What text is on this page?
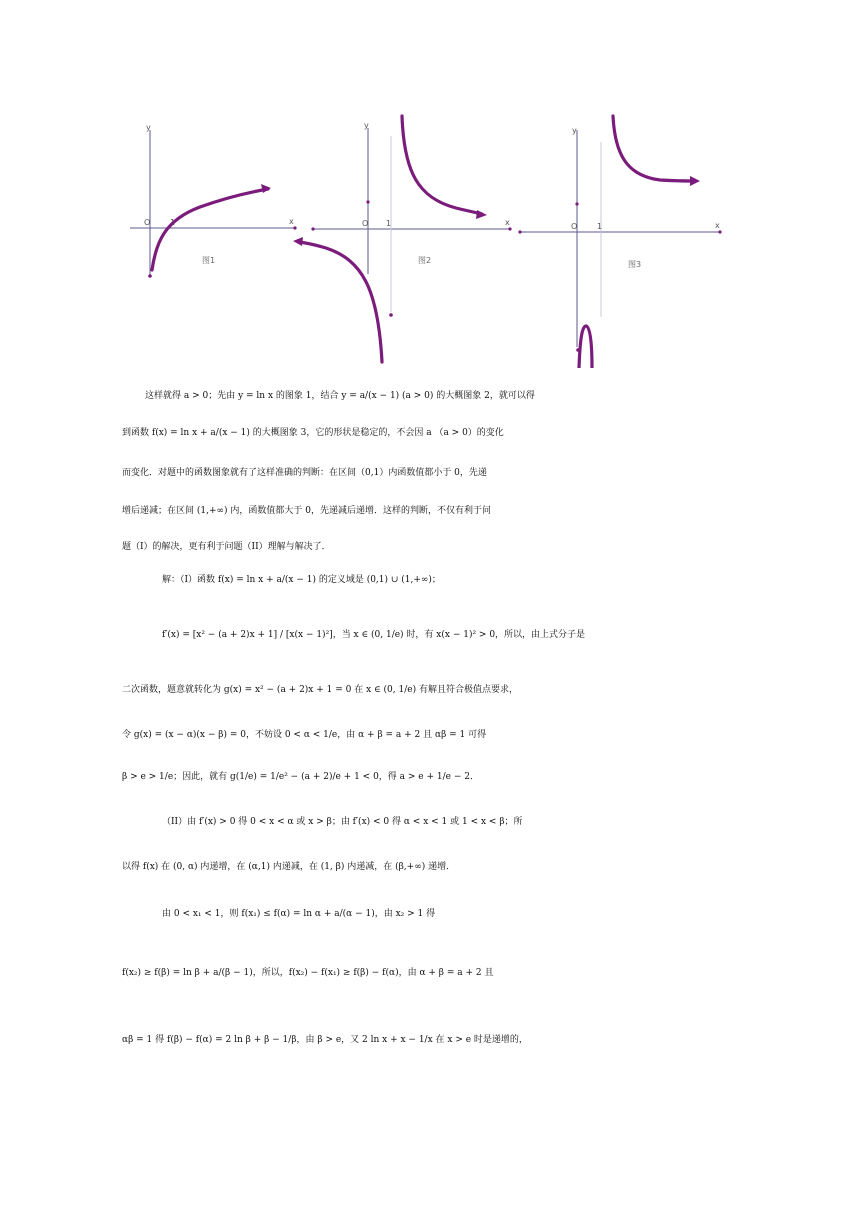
y
x
O 1
图1
y
x
O 1
图2
y
x
O 1
图3

这样就得 a > 0；先由 y = ln x 的图象 1，结合 y = a/(x − 1) (a > 0) 的大概图象 2，就可以得

到函数 f(x) = ln x + a/(x − 1) 的大概图象 3，它的形状是稳定的，不会因 a （a > 0）的变化

而变化．对题中的函数图象就有了这样准确的判断：在区间（0,1）内函数值都小于 0，先递

增后递减；在区间 (1,+∞) 内，函数值都大于 0，先递减后递增．这样的判断，不仅有利于问

题（I）的解决，更有利于问题（II）理解与解决了．

解：（I）函数 f(x) = ln x + a/(x − 1) 的定义域是 (0,1) ∪ (1,+∞)；

f′(x) = [x² − (a + 2)x + 1] / [x(x − 1)²]，当 x ∈ (0, 1/e) 时，有 x(x − 1)² > 0，所以，由上式分子是

二次函数，题意就转化为 g(x) = x² − (a + 2)x + 1 = 0 在 x ∈ (0, 1/e) 有解且符合极值点要求，

令 g(x) = (x − α)(x − β) = 0，不妨设 0 < α < 1/e，由 α + β = a + 2 且 αβ = 1 可得

β > e > 1/e；因此，就有 g(1/e) = 1/e² − (a + 2)/e + 1 < 0，得 a > e + 1/e − 2．

（II）由 f′(x) > 0 得 0 < x < α 或 x > β；由 f′(x) < 0 得 α < x < 1 或 1 < x < β；所

以得 f(x) 在 (0, α) 内递增，在 (α,1) 内递减，在 (1, β) 内递减，在 (β,+∞) 递增．

由 0 < x₁ < 1，则 f(x₁) ≤ f(α) = ln α + a/(α − 1)，由 x₂ > 1 得

f(x₂) ≥ f(β) = ln β + a/(β − 1)，所以，f(x₂) − f(x₁) ≥ f(β) − f(α)，由 α + β = a + 2 且

αβ = 1 得 f(β) − f(α) = 2 ln β + β − 1/β，由 β > e，又 2 ln x + x − 1/x 在 x > e 时是递增的，
